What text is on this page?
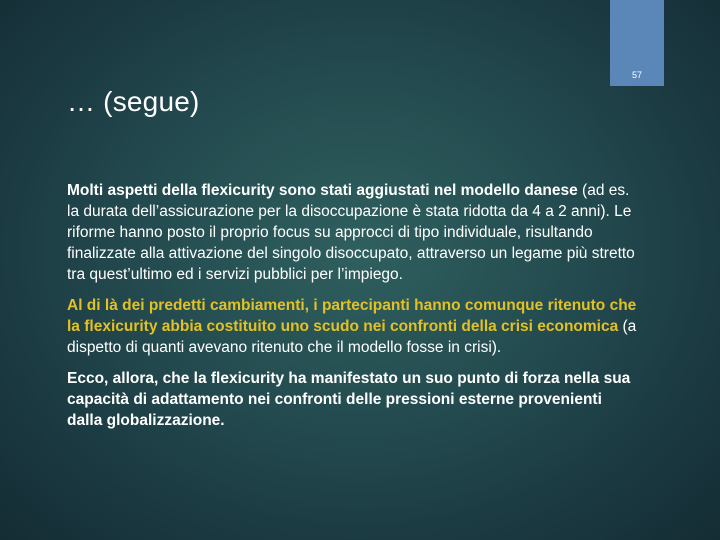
57
… (segue)

Molti aspetti della flexicurity sono stati aggiustati nel modello danese (ad es. la durata dell’assicurazione per la disoccupazione è stata ridotta da 4 a 2 anni). Le riforme hanno posto il proprio focus su approcci di tipo individuale, risultando finalizzate alla attivazione del singolo disoccupato, attraverso un legame più stretto tra quest’ultimo ed i servizi pubblici per l’impiego.

Al di là dei predetti cambiamenti, i partecipanti hanno comunque ritenuto che la flexicurity abbia costituito uno scudo nei confronti della crisi economica (a dispetto di quanti avevano ritenuto che il modello fosse in crisi).

Ecco, allora, che la flexicurity ha manifestato un suo punto di forza nella sua capacità di adattamento nei confronti delle pressioni esterne provenienti dalla globalizzazione.
